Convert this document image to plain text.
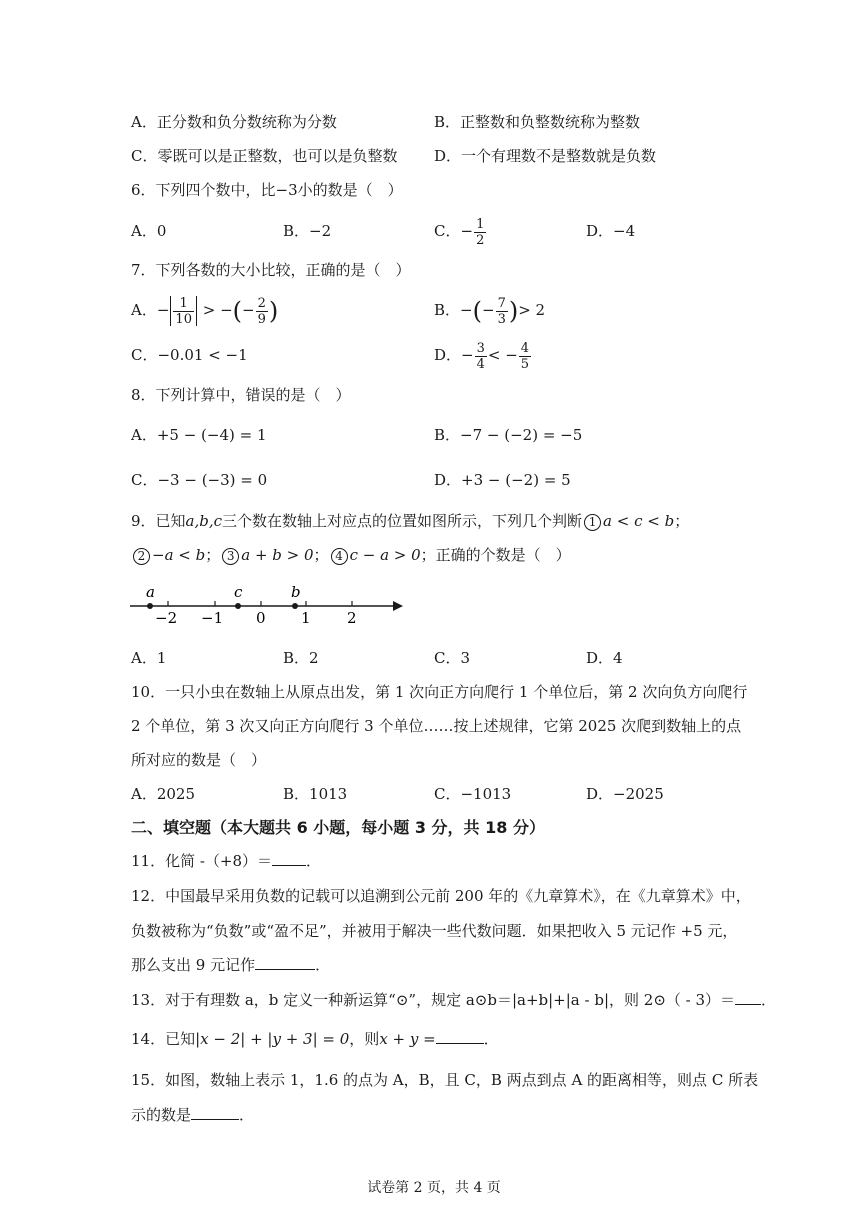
A．正分数和负分数统称为分数	B．正整数和负整数统称为整数
C．零既可以是正整数，也可以是负整数 D．一个有理数不是整数就是负数
6．下列四个数中，比−3小的数是（　）
A．0	B．−2	C．− $\frac{1}{2}$	D．−4
7．下列各数的大小比较，正确的是（　）
A．− $\frac{1}{10}$ > −(− $\frac{2}{9}$ )	B．−(− $\frac{7}{3}$ )> 2
C．−0.01 < −1	D．− $\frac{3}{4}$ < − $\frac{4}{5}$
8．下列计算中，错误的是（　）
A．+5 − (−4) = 1	B．−7 − (−2) = −5
C．−3 − (−3) = 0	D．+3 − (−2) = 5
9．已知a,b,c三个数在数轴上对应点的位置如图所示，下列几个判断 1 a < c < b；
2 −a < b； 3 a + b > 0； 4 c − a > 0；正确的个数是（　）
a	c	b
−2 −1 0 1 2
A．1	B．2	C．3	D．4
10．一只小虫在数轴上从原点出发，第 1 次向正方向爬行 1 个单位后，第 2 次向负方向爬行
2 个单位，第 3 次又向正方向爬行 3 个单位……按上述规律，它第 2025 次爬到数轴上的点
所对应的数是（　）
A．2025	B．1013	C．−1013	D．−2025
二、填空题（本大题共 6 小题，每小题 3 分，共 18 分）
11．化简 -（+8）＝ ．
12．中国最早采用负数的记载可以追溯到公元前 200 年的《九章算术》，在《九章算术》中，
负数被称为“负数”或“盈不足”，并被用于解决一些代数问题．如果把收入 5 元记作 +5 元，
那么支出 9 元记作	．
13．对于有理数 a，b 定义一种新运算“⊙”，规定 a⊙b＝|a+b|+|a - b|，则 2⊙（ - 3）＝ ．
14．已知|x − 2| + |y + 3| = 0，则x + y =	．
15．如图，数轴上表示 1，1.6 的点为 A，B，且 C，B 两点到点 A 的距离相等，则点 C 所表
示的数是	．
试卷第 2 页，共 4 页
